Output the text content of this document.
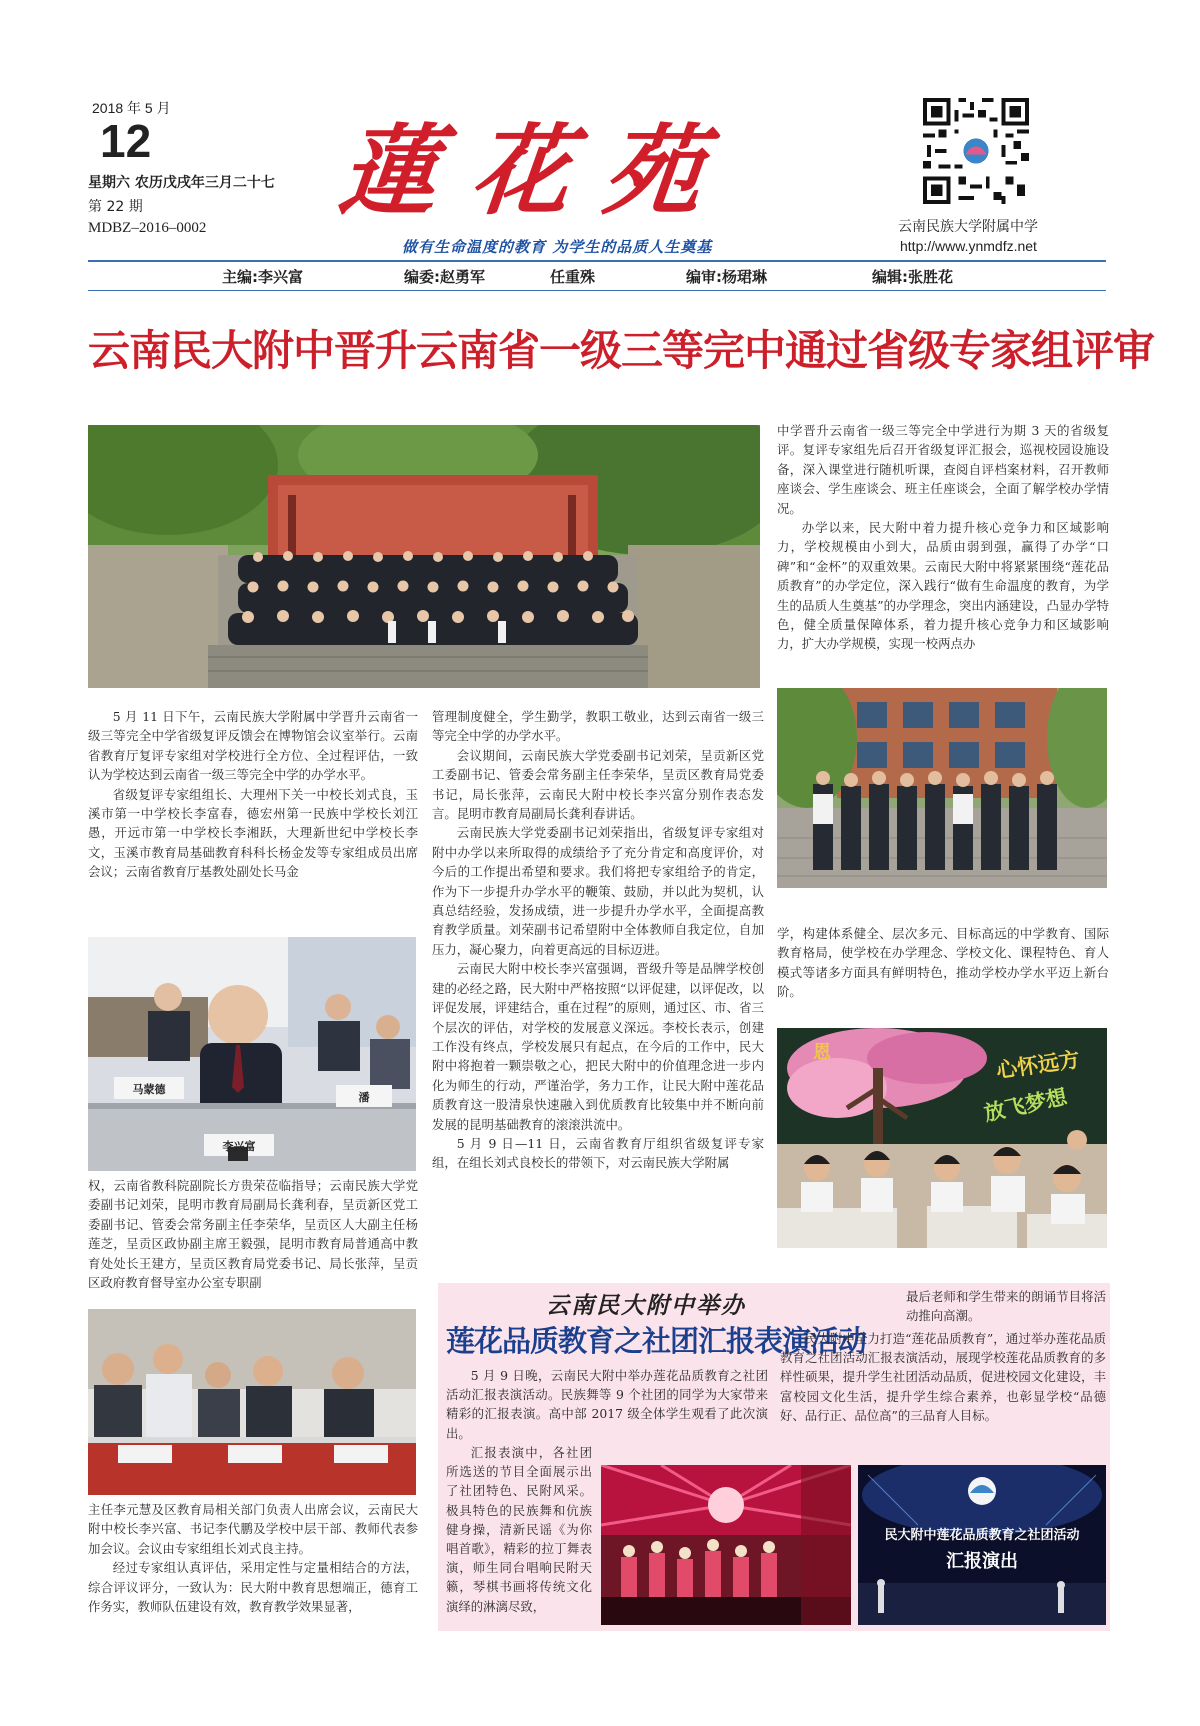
2018 年 5 月
12
星期六 农历戊戌年三月二十七
第 22 期
MDBZ–2016–0002 蓮花苑
做有生命温度的教育 为学生的品质人生奠基
云南民族大学附属中学
http://www.ynmdfz.net
主编:李兴富	编委:赵勇军	任重殊	编审:杨珺琳	编辑:张胜花
云南民大附中晋升云南省一级三等完中通过省级专家组评审
马蒙德
李兴富
潘
心怀远方
放飞梦想
恩

5 月 11 日下午，云南民族大学附属中学晋升云南省一级三等完全中学省级复评反馈会在博物馆会议室举行。云南省教育厅复评专家组对学校进行全方位、全过程评估，一致认为学校达到云南省一级三等完全中学的办学水平。

省级复评专家组组长、大理州下关一中校长刘式良，玉溪市第一中学校长李富春，德宏州第一民族中学校长刘江愚，开远市第一中学校长李湘跃，大理新世纪中学校长李文，玉溪市教育局基础教育科科长杨金发等专家组成员出席会议；云南省教育厅基教处副处长马金

权，云南省教科院副院长方贵荣莅临指导；云南民族大学党委副书记刘荣，昆明市教育局副局长龚利春，呈贡新区党工委副书记、管委会常务副主任李荣华，呈贡区人大副主任杨莲芝，呈贡区政协副主席王毅强，昆明市教育局普通高中教育处处长王建方，呈贡区教育局党委书记、局长张萍，呈贡区政府教育督导室办公室专职副

主任李元慧及区教育局相关部门负责人出席会议，云南民大附中校长李兴富、书记李代鹏及学校中层干部、教师代表参加会议。会议由专家组组长刘式良主持。

经过专家组认真评估，采用定性与定量相结合的方法，综合评议评分，一致认为：民大附中教育思想端正，德育工作务实，教师队伍建设有效，教育教学效果显著，

管理制度健全，学生勤学，教职工敬业，达到云南省一级三等完全中学的办学水平。

会议期间，云南民族大学党委副书记刘荣，呈贡新区党工委副书记、管委会常务副主任李荣华，呈贡区教育局党委书记，局长张萍，云南民大附中校长李兴富分别作表态发言。昆明市教育局副局长龚利春讲话。

云南民族大学党委副书记刘荣指出，省级复评专家组对附中办学以来所取得的成绩给予了充分肯定和高度评价，对今后的工作提出希望和要求。我们将把专家组给予的肯定，作为下一步提升办学水平的鞭策、鼓励，并以此为契机，认真总结经验，发扬成绩，进一步提升办学水平，全面提高教育教学质量。刘荣副书记希望附中全体教师自我定位，自加压力，凝心聚力，向着更高远的目标迈进。

云南民大附中校长李兴富强调，晋级升等是品牌学校创建的必经之路，民大附中严格按照“以评促建，以评促改，以评促发展，评建结合，重在过程”的原则，通过区、市、省三个层次的评估，对学校的发展意义深远。李校长表示，创建工作没有终点，学校发展只有起点，在今后的工作中，民大附中将抱着一颗崇敬之心，把民大附中的价值理念进一步内化为师生的行动，严谨治学，务力工作，让民大附中莲花品质教育这一股清泉快速融入到优质教育比较集中并不断向前发展的昆明基础教育的滚滚洪流中。

5 月 9 日—11 日，云南省教育厅组织省级复评专家组，在组长刘式良校长的带领下，对云南民族大学附属

中学晋升云南省一级三等完全中学进行为期 3 天的省级复评。复评专家组先后召开省级复评汇报会，巡视校园设施设备，深入课堂进行随机听课，查阅自评档案材料，召开教师座谈会、学生座谈会、班主任座谈会，全面了解学校办学情况。

办学以来，民大附中着力提升核心竞争力和区域影响力，学校规模由小到大，品质由弱到强，赢得了办学“口碑”和“金杯”的双重效果。云南民大附中将紧紧围绕“莲花品质教育”的办学定位，深入践行“做有生命温度的教育，为学生的品质人生奠基”的办学理念，突出内涵建设，凸显办学特色，健全质量保障体系，着力提升核心竞争力和区域影响力，扩大办学规模，实现一校两点办

学，构建体系健全、层次多元、目标高远的中学教育、国际教育格局，使学校在办学理念、学校文化、课程特色、育人模式等诸多方面具有鲜明特色，推动学校办学水平迈上新台阶。

云南民大附中举办
莲花品质教育之社团汇报表演活动

5 月 9 日晚，云南民大附中举办莲花品质教育之社团活动汇报表演活动。民族舞等 9 个社团的同学为大家带来精彩的汇报表演。高中部 2017 级全体学生观看了此次演出。

汇报表演中，各社团所选送的节目全面展示出了社团特色、民附风采。极具特色的民族舞和伉族健身操，清新民谣《为你唱首歌》，精彩的拉丁舞表演，师生同台唱响民附天籁，琴棋书画将传统文化演绎的淋漓尽致，

最后老师和学生带来的朗诵节目将活动推向高潮。

民大附中全力打造“莲花品质教育”，通过举办莲花品质教育之社团活动汇报表演活动，展现学校莲花品质教育的多样性硕果，提升学生社团活动品质，促进校园文化建设，丰富校园文化生活，提升学生综合素养，也彰显学校“品德好、品行正、品位高”的三品育人目标。

民大附中莲花品质教育之社团活动
汇报演出
